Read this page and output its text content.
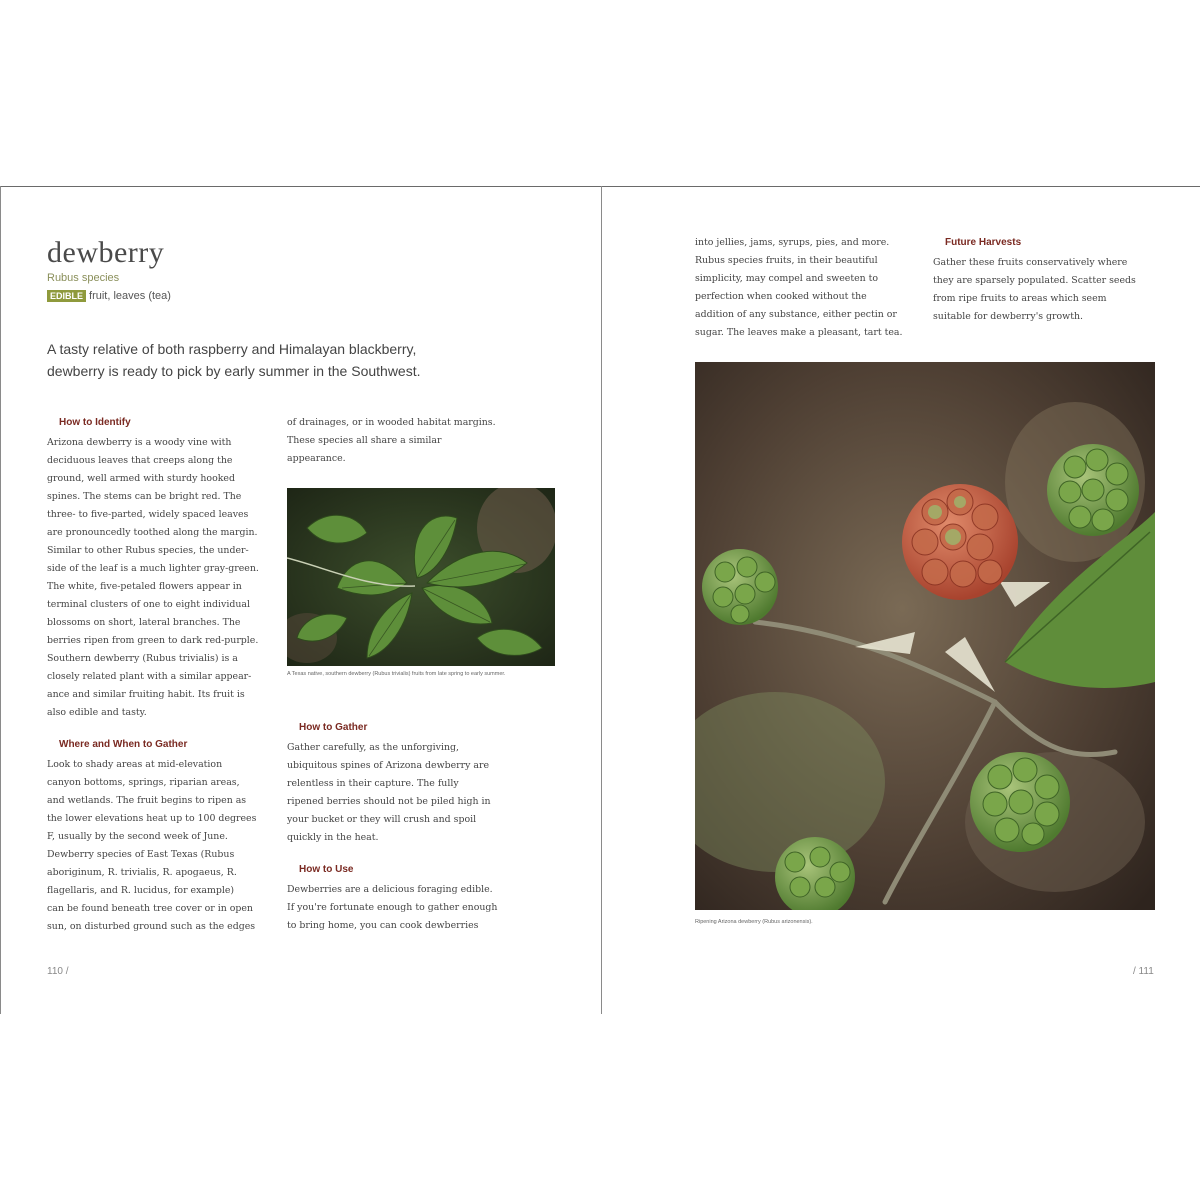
dewberry
Rubus species
EDIBLE fruit, leaves (tea)
A tasty relative of both raspberry and Himalayan blackberry, dewberry is ready to pick by early summer in the Southwest.
How to Identify

Arizona dewberry is a woody vine with

deciduous leaves that creeps along the

ground, well armed with sturdy hooked

spines. The stems can be bright red. The

three- to five-parted, widely spaced leaves

are pronouncedly toothed along the margin.

Similar to other Rubus species, the under-

side of the leaf is a much lighter gray-green.

The white, five-petaled flowers appear in

terminal clusters of one to eight individual

blossoms on short, lateral branches. The

berries ripen from green to dark red-purple.

Southern dewberry (Rubus trivialis) is a

closely related plant with a similar appear-

ance and similar fruiting habit. Its fruit is

also edible and tasty.

Where and When to Gather

Look to shady areas at mid-elevation

canyon bottoms, springs, riparian areas,

and wetlands. The fruit begins to ripen as

the lower elevations heat up to 100 degrees

F, usually by the second week of June.

Dewberry species of East Texas (Rubus

aboriginum, R. trivialis, R. apogaeus, R.

flagellaris, and R. lucidus, for example)

can be found beneath tree cover or in open

sun, on disturbed ground such as the edges

of drainages, or in wooded habitat margins.

These species all share a similar

appearance.

A Texas native, southern dewberry (Rubus trivialis) fruits from late spring to early summer.
How to Gather

Gather carefully, as the unforgiving,

ubiquitous spines of Arizona dewberry are

relentless in their capture. The fully

ripened berries should not be piled high in

your bucket or they will crush and spoil

quickly in the heat.

How to Use

Dewberries are a delicious foraging edible.

If you're fortunate enough to gather enough

to bring home, you can cook dewberries

110 /

into jellies, jams, syrups, pies, and more.

Rubus species fruits, in their beautiful

simplicity, may compel and sweeten to

perfection when cooked without the

addition of any substance, either pectin or

sugar. The leaves make a pleasant, tart tea.

Future Harvests

Gather these fruits conservatively where

they are sparsely populated. Scatter seeds

from ripe fruits to areas which seem

suitable for dewberry's growth.

Ripening Arizona dewberry (Rubus arizonensis).
/ 111
